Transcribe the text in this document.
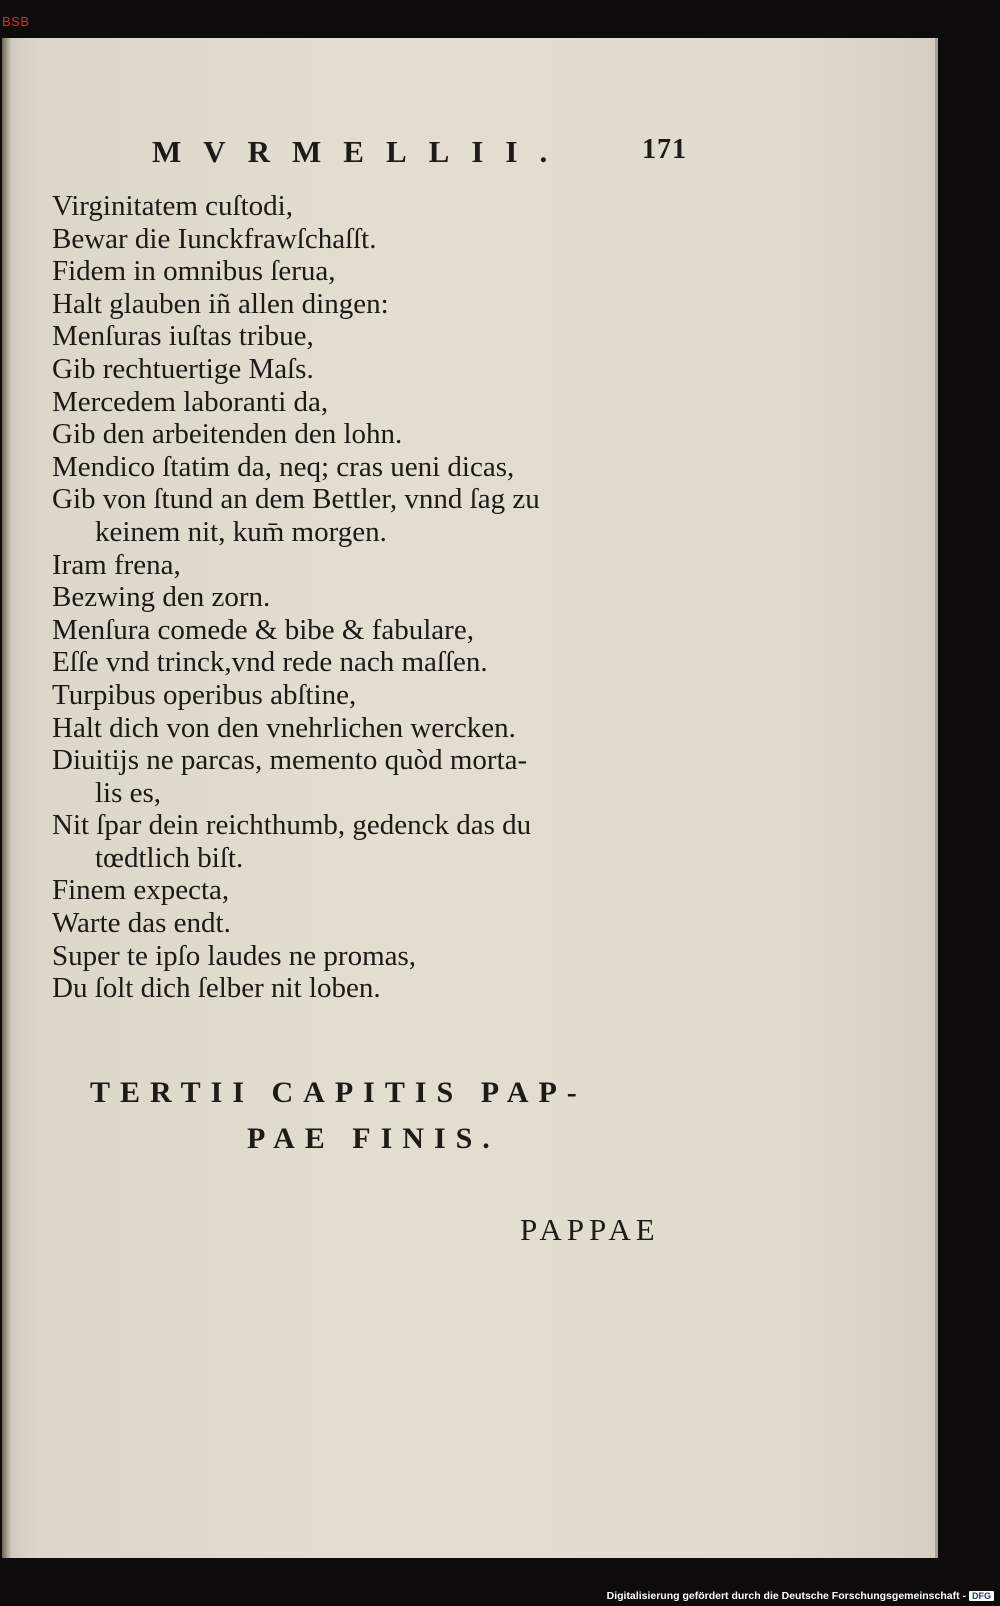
BSB
MVRMELLII.	171
Virginitatem cuſtodi,
Bewar die Iunckfrawſchaſſt.
Fidem in omnibus ſerua,
Halt glauben iñ allen dingen:
Menſuras iuſtas tribue,
Gib rechtuertige Maſs.
Mercedem laboranti da,
Gib den arbeitenden den lohn.
Mendico ſtatim da, neq; cras ueni dicas,
Gib von ſtund an dem Bettler, vnnd ſag zu
keinem nit, kum̄ morgen.
Iram frena,
Bezwing den zorn.
Menſura comede & bibe & fabulare,
Eſſe vnd trinck,vnd rede nach maſſen.
Turpibus operibus abſtine,
Halt dich von den vnehrlichen wercken.
Diuitijs ne parcas, memento quòd morta-
lis es,
Nit ſpar dein reichthumb, gedenck das du
tœdtlich biſt.
Finem expecta,
Warte das endt.
Super te ipſo laudes ne promas,
Du ſolt dich ſelber nit loben.
TERTII CAPITIS PAP-
PAE FINIS.
PAPPAE
Digitalisierung gefördert durch die Deutsche Forschungsgemeinschaft - DFG
